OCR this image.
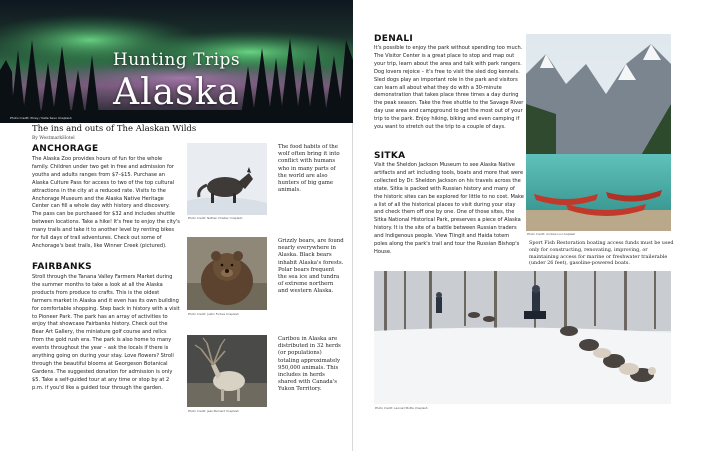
Hunting Trips
Alaska
Photo Credit: Pixay / Kalle Sevo Unsplash
The ins and outs of The Alaskan Wilds
By WestmarkHotel
ANCHORAGE
The Alaska Zoo provides hours of fun for the whole family. Children under two get in free and admission for youths and adults ranges from $7–$15. Purchase an Alaska Culture Pass for access to two of the top cultural attractions in the city at a reduced rate. Visits to the Anchorage Museum and the Alaska Native Heritage Center can fill a whole day with history and discovery. The pass can be purchased for $32 and includes shuttle between locations. Take a hike! It's free to enjoy the city's many trails and take it to another level by renting bikes for full days of trail adventures. Check out some of Anchorage's best trails, like Winner Creek (pictured).
FAIRBANKS
Stroll through the Tanana Valley Farmers Market during the summer months to take a look at all the Alaska products from produce to crafts. This is the oldest farmers market in Alaska and it even has its own building for comfortable shopping. Step back in history with a visit to Pioneer Park. The park has an array of activities to enjoy that showcase Fairbanks history. Check out the Bear Art Gallery, the miniature golf course and relics from the gold rush era. The park is also home to many events throughout the year – ask the locals if there is anything going on during your stay. Love flowers? Stroll through the beautiful blooms at Georgeson Botanical Gardens. The suggested donation for admission is only $5. Take a self-guided tour at any time or stop by at 2 p.m. if you'd like a guided tour through the garden.
Photo Credit: Nathan Chalker Unsplash
The food habits of the wolf often bring it into conflict with humans who in many parts of the world are also hunters of big game animals.
Photo Credit: Justin Forbes Unsplash
Grizzly bears, are found nearly everywhere in Alaska. Black bears inhabit Alaska's forests. Polar bears frequent the sea ice and tundra of extreme northern and western Alaska.
Photo Credit: Jean-Bernard Unsplash
Caribou in Alaska are distributed in 32 herds (or populations) totaling approximately 950,000 animals. This includes in herds shared with Canada's Yukon Territory.
DENALI
It's possible to enjoy the park without spending too much. The Visitor Center is a great place to stop and map out your trip, learn about the area and talk with park rangers. Dog lovers rejoice – it's free to visit the sled dog kennels. Sled dogs play an important role in the park and visitors can learn all about what they do with a 30-minute demonstration that takes place three times a day during the peak season. Take the free shuttle to the Savage River day use area and campground to get the most out of your trip to the park. Enjoy hiking, biking and even camping if you want to stretch out the trip to a couple of days.
SITKA
Visit the Sheldon Jackson Museum to see Alaska Native artifacts and art including tools, boats and more that were collected by Dr. Sheldon Jackson on his travels across the state. Sitka is packed with Russian history and many of the historic sites can be explored for little to no cost. Make a list of all the historical places to visit during your stay and check them off one by one. One of those sites, the Sitka National Historical Park, preserves a piece of Alaska history. It is the site of a battle between Russian traders and Indigenous people. View Tlingit and Haida totem poles along the park's trail and tour the Russian Bishop's House.
Photo Credit: Andrew Liu Unsplash
Sport Fish Restoration boating access funds must be used only for constructing, renovating, improving, or maintaining access for marine or freshwater trailerable (under 26 feet), gasoline-powered boats.
Photo Credit: Leonard Botte Unsplash
